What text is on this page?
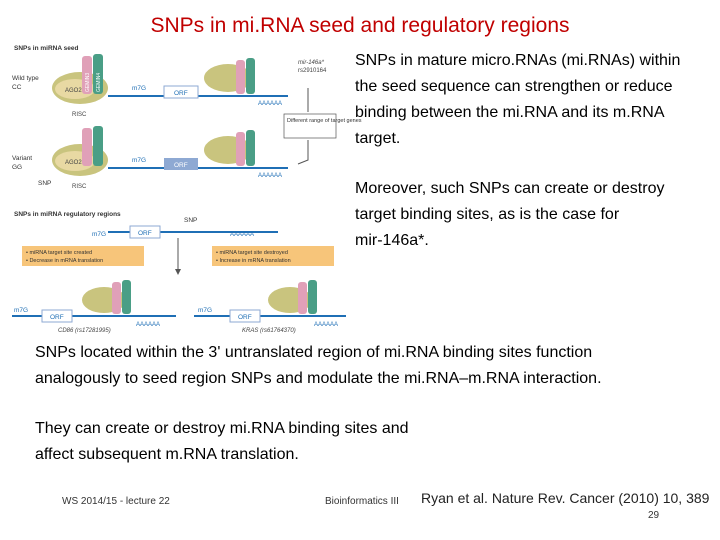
SNPs in mi.RNA seed and regulatory regions
SNPs in miRNA seed
Wild type
CC	AGO2 GEMIN3 GEMIN4
RISC
m7G
ORF
AAAAAA
mir-146a*
rs2910164
Different range of target genes
Variant
GG
SNP
AGO2
RISC
m7G
ORF
AAAAAA
SNPs in miRNA regulatory regions
m7G	ORF
SNP
AAAAAA
• miRNA target site created
• Decrease in mRNA translation
• miRNA target site destroyed
• Increase in mRNA translation
m7G
ORF
AAAAAA
CD86 (rs17281995)
m7G
ORF
AAAAAA
KRAS (rs61764370)
SNPs in mature micro.RNAs (mi.RNAs) within the seed sequence can strengthen or reduce binding between the mi.RNA and its m.RNA target.
Moreover, such SNPs can create or destroy target binding sites, as is the case for mir‑146a*.
SNPs located within the 3' untranslated region of mi.RNA binding sites function analogously to seed region SNPs and modulate the mi.RNA–m.RNA interaction.
They can create or destroy mi.RNA binding sites and affect subsequent m.RNA translation.
WS 2014/15 - lecture 22	Bioinformatics III Ryan et al. Nature Rev. Cancer (2010) 10, 389
29
